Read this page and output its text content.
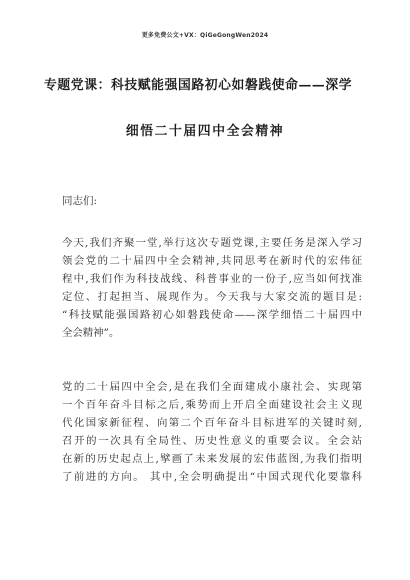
更多免费公文+VX：QiGeGongWen2024
专题党课：科技赋能强国路初心如磐践使命——深学
细悟二十届四中全会精神
同志们:
今天,我们齐聚一堂,举行这次专题党课,主要任务是深入学习
领会党的二十届四中全会精神,共同思考在新时代的宏伟征
程中,我们作为科技战线、科普事业的一份子,应当如何找准
定位、打起担当、展现作为。今天我与大家交流的题目是:
“科技赋能强国路初心如磐践使命——深学细悟二十届四中
全会精神”。
党的二十届四中全会,是在我们全面建成小康社会、实现第
一个百年奋斗目标之后,乘势而上开启全面建设社会主义现
代化国家新征程、向第二个百年奋斗目标进军的关键时刻,
召开的一次具有全局性、历史性意义的重要会议。全会站
在新的历史起点上,擘画了未来发展的宏伟蓝图,为我们指明
了前进的方向。 其中,全会明确提出“中国式现代化要靠科
